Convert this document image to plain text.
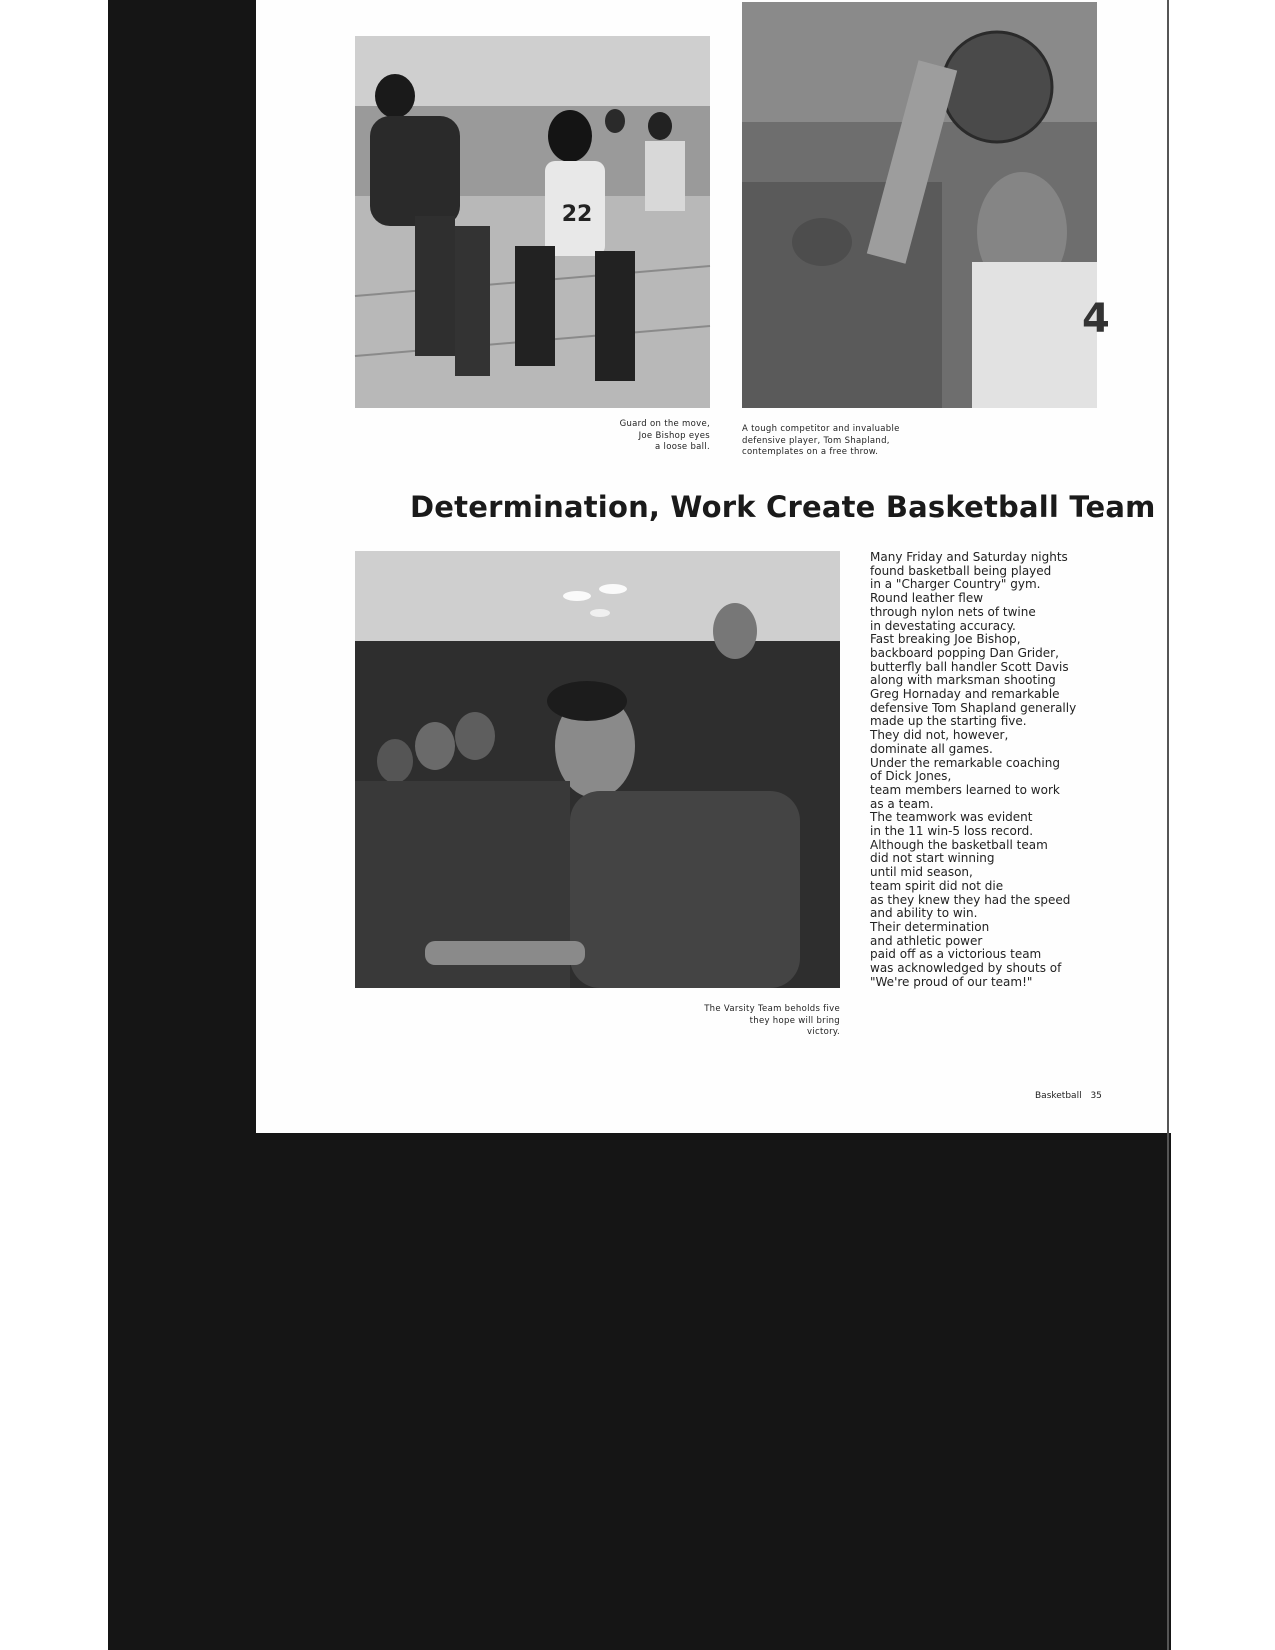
22
Guard on the move,
Joe Bishop eyes
a loose ball.
4
A tough competitor and invaluable
defensive player, Tom Shapland,
contemplates on a free throw.
Determination, Work Create Basketball Team
The Varsity Team beholds five
they hope will bring
victory.
Many Friday and Saturday nights
found basketball being played
in a "Charger Country" gym.
Round leather flew
through nylon nets of twine
in devestating accuracy.
Fast breaking Joe Bishop,
backboard popping Dan Grider,
butterfly ball handler Scott Davis
along with marksman shooting
Greg Hornaday and remarkable
defensive Tom Shapland generally
made up the starting five.
They did not, however,
dominate all games.
Under the remarkable coaching
of Dick Jones,
team members learned to work
as a team.
The teamwork was evident
in the 11 win-5 loss record.
Although the basketball team
did not start winning
until mid season,
team spirit did not die
as they knew they had the speed
and ability to win.
Their determination
and athletic power
paid off as a victorious team
was acknowledged by shouts of
"We're proud of our team!"
Basketball 35
